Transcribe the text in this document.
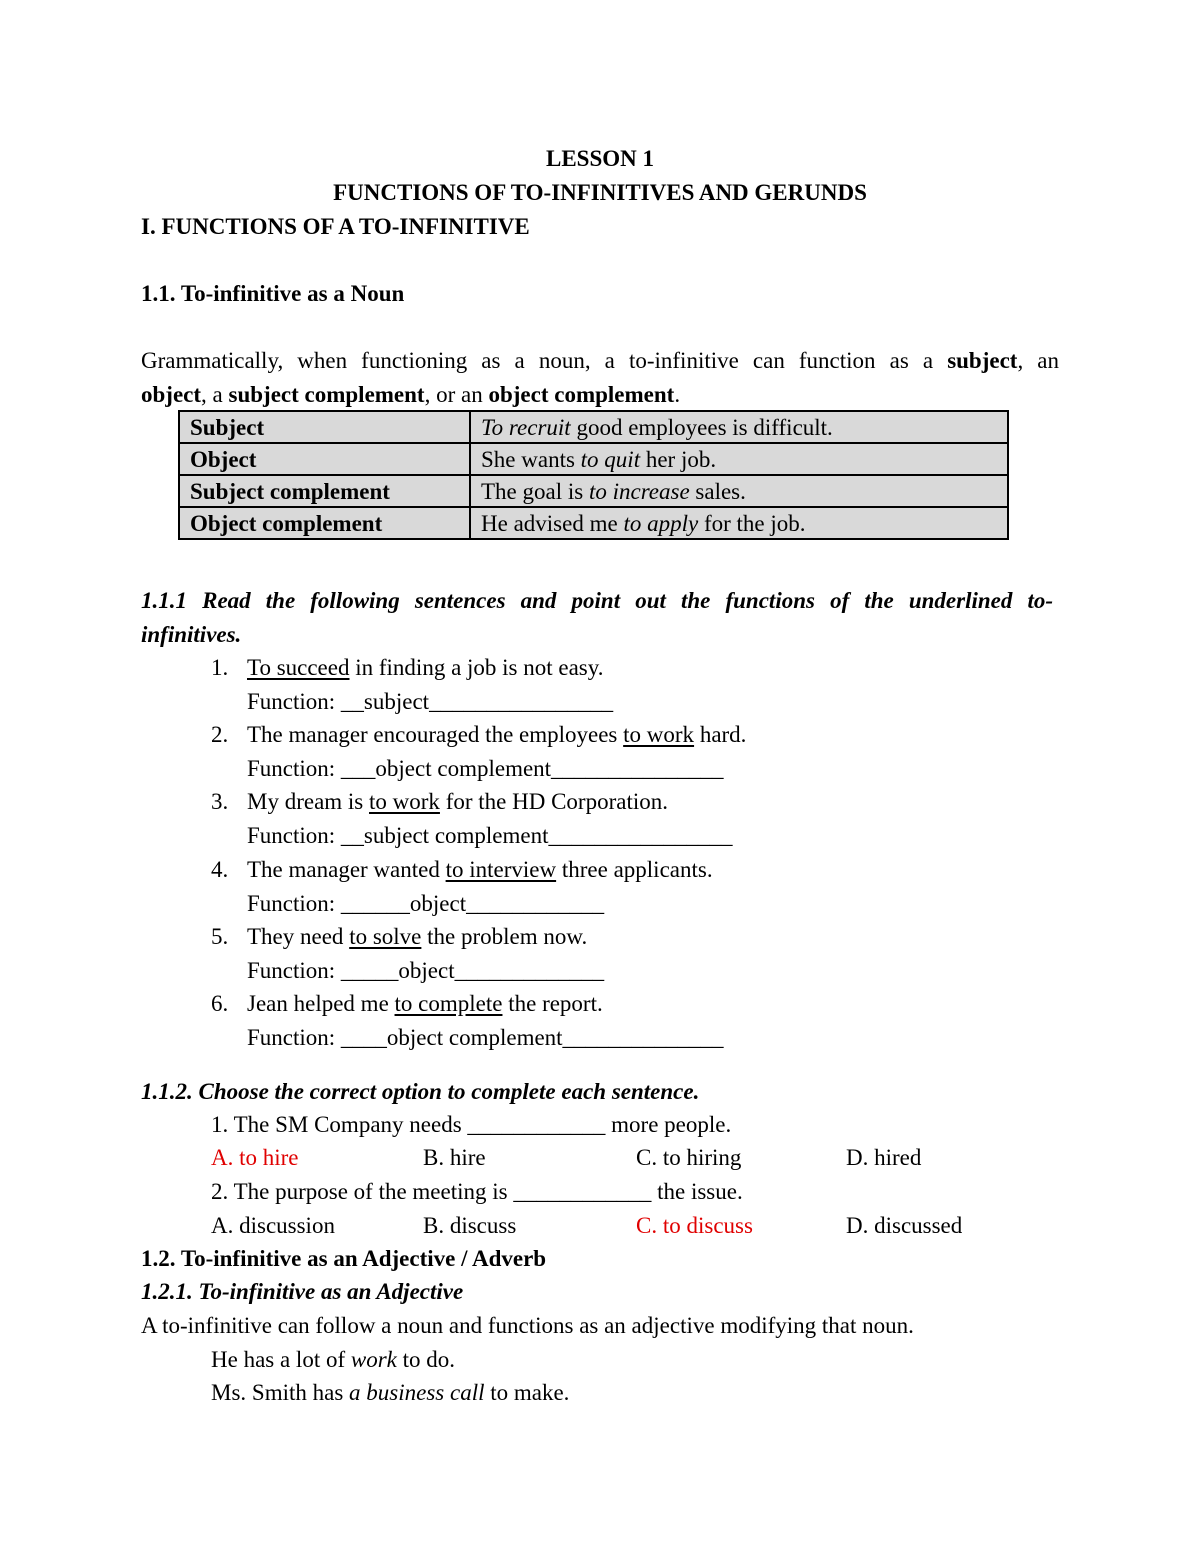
LESSON 1
FUNCTIONS OF TO-INFINITIVES AND GERUNDS
I. FUNCTIONS OF A TO-INFINITIVE
1.1. To-infinitive as a Noun
Grammatically, when functioning as a noun, a to-infinitive can function as a subject, an
object, a subject complement, or an object complement.
Subject	To recruit good employees is difficult.
Object	She wants to quit her job.
Subject complement	The goal is to increase sales.
Object complement	He advised me to apply for the job.
1.1.1 Read the following sentences and point out the functions of the underlined to-
infinitives.
1. To succeed in finding a job is not easy.
Function: __subject________________
2. The manager encouraged the employees to work hard.
Function: ___object complement_______________
3. My dream is to work for the HD Corporation.
Function: __subject complement________________
4. The manager wanted to interview three applicants.
Function: ______object____________
5. They need to solve the problem now.
Function: _____object_____________
6. Jean helped me to complete the report.
Function: ____object complement______________
1.1.2. Choose the correct option to complete each sentence.
1. The SM Company needs ____________ more people.
A. to hire	B. hire	C. to hiring	D. hired
2. The purpose of the meeting is ____________ the issue.
A. discussion	B. discuss	C. to discuss	D. discussed
1.2. To-infinitive as an Adjective / Adverb
1.2.1. To-infinitive as an Adjective
A to-infinitive can follow a noun and functions as an adjective modifying that noun.
He has a lot of work to do.
Ms. Smith has a business call to make.
